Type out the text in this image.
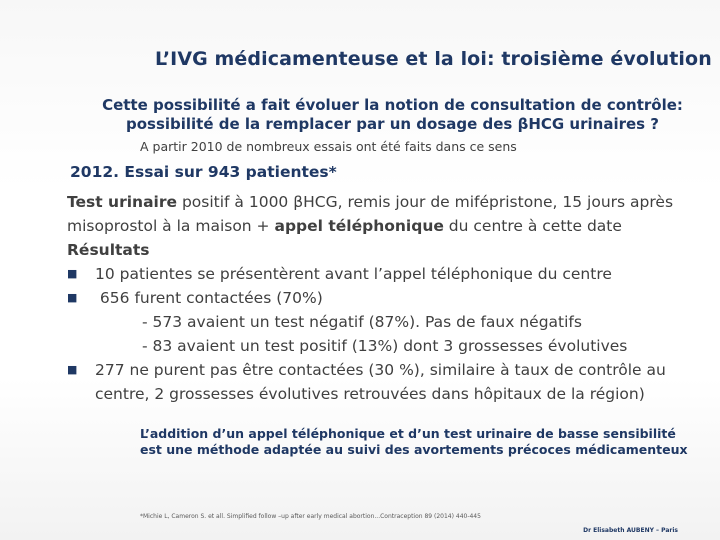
L’IVG médicamenteuse et la loi: troisième évolution
Cette possibilité a fait évoluer la notion de consultation de contrôle: possibilité de la remplacer par un dosage des βHCG urinaires ?
A partir 2010 de nombreux essais ont été faits dans ce sens
2012. Essai sur 943 patientes*
Test urinaire positif à 1000 βHCG, remis jour de mifépristone, 15 jours après
misoprostol à la maison + appel téléphonique du centre à cette date
Résultats
■ 10 patientes se présentèrent avant l’appel téléphonique du centre
■ 656 furent contactées (70%)
- 573 avaient un test négatif (87%). Pas de faux négatifs
- 83 avaient un test positif (13%) dont 3 grossesses évolutives
■ 277 ne purent pas être contactées (30 %), similaire à taux de contrôle au
centre, 2 grossesses évolutives retrouvées dans hôpitaux de la région)
L’addition d’un appel téléphonique et d’un test urinaire de basse sensibilité est une méthode adaptée au suivi des avortements précoces médicamenteux
*Michie L, Cameron S. et all. Simplified follow –up after early medical abortion...Contraception 89 (2014) 440-445
Dr Elisabeth AUBENY – Paris
